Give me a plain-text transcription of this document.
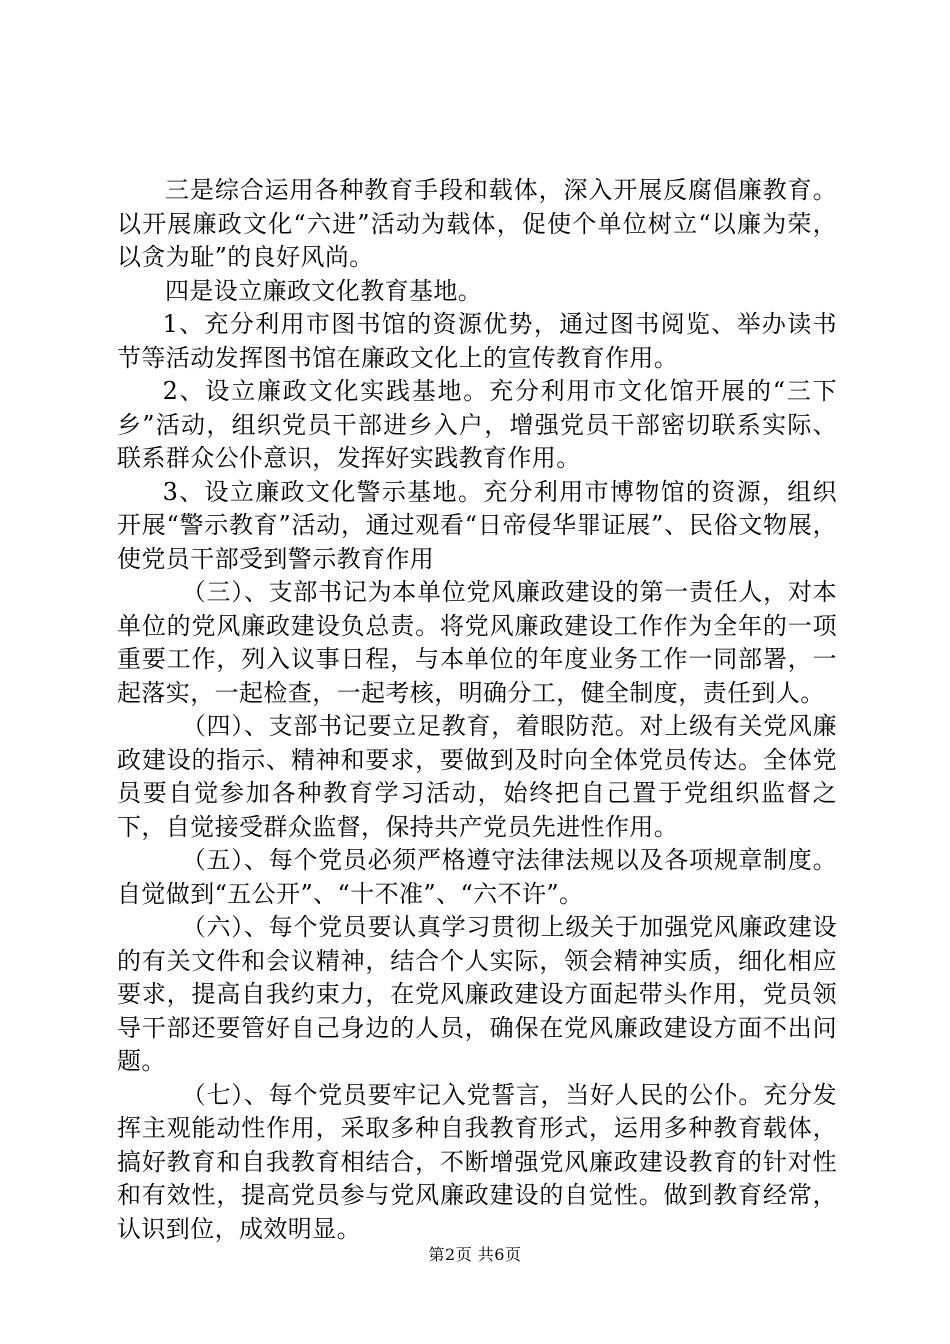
三是综合运用各种教育手段和载体，深入开展反腐倡廉教育。以开展廉政文化“六进”活动为载体，促使个单位树立“以廉为荣，以贪为耻”的良好风尚。

四是设立廉政文化教育基地。

1、充分利用市图书馆的资源优势，通过图书阅览、举办读书节等活动发挥图书馆在廉政文化上的宣传教育作用。

2、设立廉政文化实践基地。充分利用市文化馆开展的“三下乡”活动，组织党员干部进乡入户，增强党员干部密切联系实际、联系群众公仆意识，发挥好实践教育作用。

3、设立廉政文化警示基地。充分利用市博物馆的资源，组织开展“警示教育”活动，通过观看“日帝侵华罪证展”、民俗文物展，使党员干部受到警示教育作用

（三）、支部书记为本单位党风廉政建设的第一责任人，对本单位的党风廉政建设负总责。将党风廉政建设工作作为全年的一项重要工作，列入议事日程，与本单位的年度业务工作一同部署，一起落实，一起检查，一起考核，明确分工，健全制度，责任到人。

（四）、支部书记要立足教育，着眼防范。对上级有关党风廉政建设的指示、精神和要求，要做到及时向全体党员传达。全体党员要自觉参加各种教育学习活动，始终把自己置于党组织监督之下，自觉接受群众监督，保持共产党员先进性作用。

（五）、每个党员必须严格遵守法律法规以及各项规章制度。自觉做到“五公开”、“十不准”、“六不许”。

（六）、每个党员要认真学习贯彻上级关于加强党风廉政建设的有关文件和会议精神，结合个人实际，领会精神实质，细化相应要求，提高自我约束力，在党风廉政建设方面起带头作用，党员领导干部还要管好自己身边的人员，确保在党风廉政建设方面不出问题。

（七）、每个党员要牢记入党誓言，当好人民的公仆。充分发挥主观能动性作用，采取多种自我教育形式，运用多种教育载体，搞好教育和自我教育相结合，不断增强党风廉政建设教育的针对性和有效性，提高党员参与党风廉政建设的自觉性。做到教育经常，认识到位，成效明显。

第2页 共6页
